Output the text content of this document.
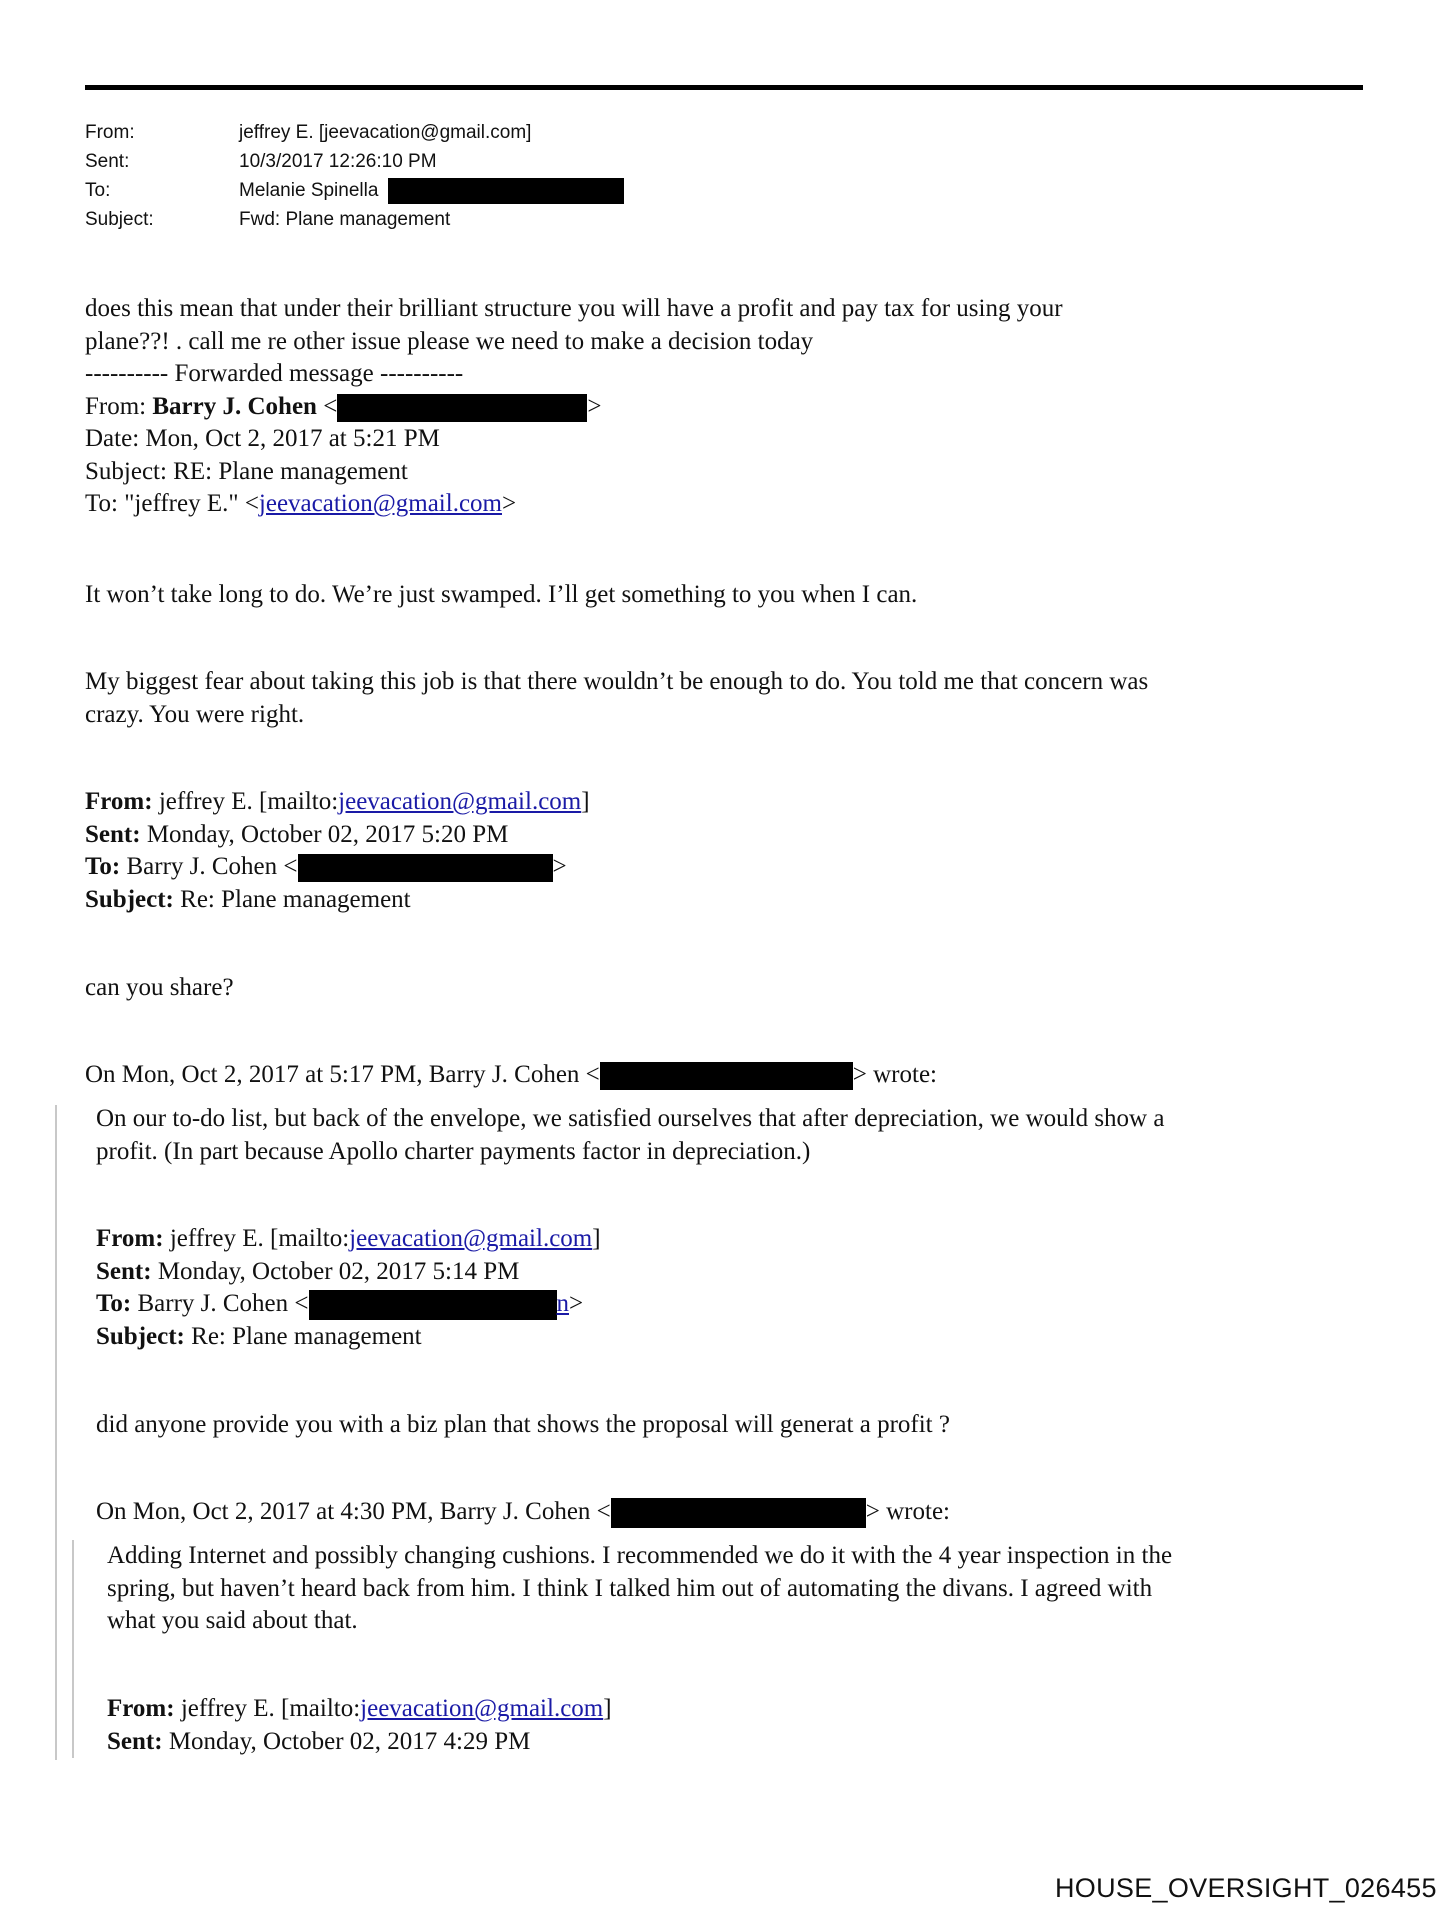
From:	jeffrey E. [jeevacation@gmail.com]
Sent:	10/3/2017 12:26:10 PM
To:	Melanie Spinella
Subject:	Fwd: Plane management
does this mean that under their brilliant structure you will have a profit and pay tax for using your
plane??! . call me re other issue please we need to make a decision today
---------- Forwarded message ----------
From: Barry J. Cohen <	>
Date: Mon, Oct 2, 2017 at 5:21 PM
Subject: RE: Plane management
To: "jeffrey E." <jeevacation@gmail.com>
It won’t take long to do. We’re just swamped. I’ll get something to you when I can.
My biggest fear about taking this job is that there wouldn’t be enough to do. You told me that concern was
crazy. You were right.
From: jeffrey E. [mailto:jeevacation@gmail.com]
Sent: Monday, October 02, 2017 5:20 PM
To: Barry J. Cohen <	>
Subject: Re: Plane management
can you share?
On Mon, Oct 2, 2017 at 5:17 PM, Barry J. Cohen <	> wrote:
On our to-do list, but back of the envelope, we satisfied ourselves that after depreciation, we would show a
profit. (In part because Apollo charter payments factor in depreciation.)
From: jeffrey E. [mailto:jeevacation@gmail.com]
Sent: Monday, October 02, 2017 5:14 PM
To: Barry J. Cohen <	n>
Subject: Re: Plane management
did anyone provide you with a biz plan that shows the proposal will generat a profit ?
On Mon, Oct 2, 2017 at 4:30 PM, Barry J. Cohen <	> wrote:
Adding Internet and possibly changing cushions. I recommended we do it with the 4 year inspection in the
spring, but haven’t heard back from him. I think I talked him out of automating the divans. I agreed with
what you said about that.
From: jeffrey E. [mailto:jeevacation@gmail.com]
Sent: Monday, October 02, 2017 4:29 PM
HOUSE_OVERSIGHT_026455
